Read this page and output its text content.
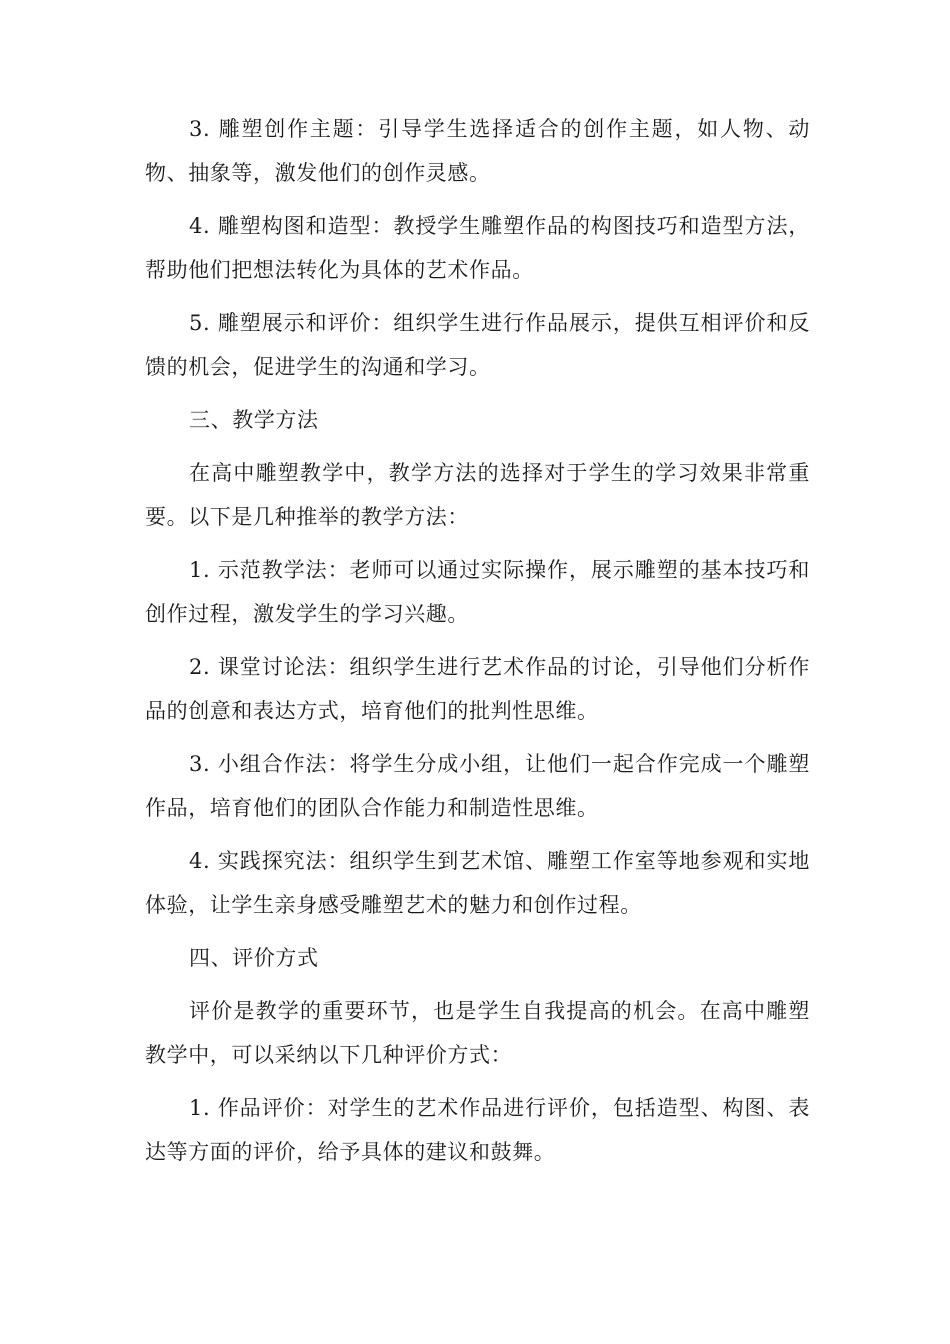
3. 雕塑创作主题：引导学生选择适合的创作主题，如人物、动物、抽象等，激发他们的创作灵感。

4. 雕塑构图和造型：教授学生雕塑作品的构图技巧和造型方法，帮助他们把想法转化为具体的艺术作品。

5. 雕塑展示和评价：组织学生进行作品展示，提供互相评价和反馈的机会，促进学生的沟通和学习。

三、教学方法

在高中雕塑教学中，教学方法的选择对于学生的学习效果非常重要。以下是几种推举的教学方法：

1. 示范教学法：老师可以通过实际操作，展示雕塑的基本技巧和创作过程，激发学生的学习兴趣。

2. 课堂讨论法：组织学生进行艺术作品的讨论，引导他们分析作品的创意和表达方式，培育他们的批判性思维。

3. 小组合作法：将学生分成小组，让他们一起合作完成一个雕塑作品，培育他们的团队合作能力和制造性思维。

4. 实践探究法：组织学生到艺术馆、雕塑工作室等地参观和实地体验，让学生亲身感受雕塑艺术的魅力和创作过程。

四、评价方式

评价是教学的重要环节，也是学生自我提高的机会。在高中雕塑教学中，可以采纳以下几种评价方式：

1. 作品评价：对学生的艺术作品进行评价，包括造型、构图、表达等方面的评价，给予具体的建议和鼓舞。
